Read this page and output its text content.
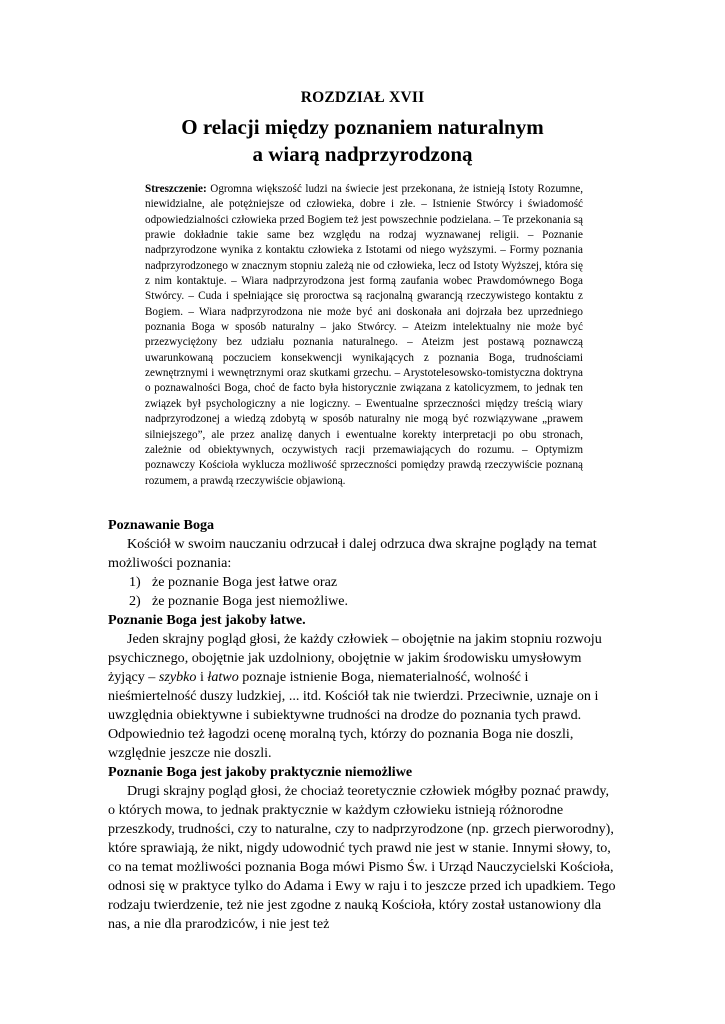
ROZDZIAŁ XVII
O relacji między poznaniem naturalnym
a wiarą nadprzyrodzoną
Streszczenie: Ogromna większość ludzi na świecie jest przekonana, że istnieją Istoty Rozumne, niewidzialne, ale potężniejsze od człowieka, dobre i złe. – Istnienie Stwórcy i świadomość odpowiedzialności człowieka przed Bogiem też jest powszechnie podzielana. – Te przekonania są prawie dokładnie takie same bez względu na rodzaj wyznawanej religii. – Poznanie nadprzyrodzone wynika z kontaktu człowieka z Istotami od niego wyższymi. – Formy poznania nadprzyrodzonego w znacznym stopniu zależą nie od człowieka, lecz od Istoty Wyższej, która się z nim kontaktuje. – Wiara nadprzyrodzona jest formą zaufania wobec Prawdomównego Boga Stwórcy. – Cuda i spełniające się proroctwa są racjonalną gwarancją rzeczywistego kontaktu z Bogiem. – Wiara nadprzyrodzona nie może być ani doskonała ani dojrzała bez uprzedniego poznania Boga w sposób naturalny – jako Stwórcy. – Ateizm intelektualny nie może być przezwyciężony bez udziału poznania naturalnego. – Ateizm jest postawą poznawczą uwarunkowaną poczuciem konsekwencji wynikających z poznania Boga, trudnościami zewnętrznymi i wewnętrznymi oraz skutkami grzechu. – Arystotelesowsko-tomistyczna doktryna o poznawalności Boga, choć de facto była historycznie związana z katolicyzmem, to jednak ten związek był psychologiczny a nie logiczny. – Ewentualne sprzeczności między treścią wiary nadprzyrodzonej a wiedzą zdobytą w sposób naturalny nie mogą być rozwiązywane „prawem silniejszego”, ale przez analizę danych i ewentualne korekty interpretacji po obu stronach, zależnie od obiektywnych, oczywistych racji przemawiających do rozumu. – Optymizm poznawczy Kościoła wyklucza możliwość sprzeczności pomiędzy prawdą rzeczywiście poznaną rozumem, a prawdą rzeczywiście objawioną.

Poznawanie Boga

Kościół w swoim nauczaniu odrzucał i dalej odrzuca dwa skrajne poglądy na temat możliwości poznania:

1) że poznanie Boga jest łatwe oraz
2) że poznanie Boga jest niemożliwe.

Poznanie Boga jest jakoby łatwe.

Jeden skrajny pogląd głosi, że każdy człowiek – obojętnie na jakim stopniu rozwoju psychicznego, obojętnie jak uzdolniony, obojętnie w jakim środowisku umysłowym żyjący – szybko i łatwo poznaje istnienie Boga, niematerialność, wolność i nieśmiertelność duszy ludzkiej, ... itd. Kościół tak nie twierdzi. Przeciwnie, uznaje on i uwzględnia obiektywne i subiektywne trudności na drodze do poznania tych prawd. Odpowiednio też łagodzi ocenę moralną tych, którzy do poznania Boga nie doszli, względnie jeszcze nie doszli.

Poznanie Boga jest jakoby praktycznie niemożliwe

Drugi skrajny pogląd głosi, że chociaż teoretycznie człowiek mógłby poznać prawdy, o których mowa, to jednak praktycznie w każdym człowieku istnieją różnorodne przeszkody, trudności, czy to naturalne, czy to nadprzyrodzone (np. grzech pierworodny), które sprawiają, że nikt, nigdy udowodnić tych prawd nie jest w stanie. Innymi słowy, to, co na temat możliwości poznania Boga mówi Pismo Św. i Urząd Nauczycielski Kościoła, odnosi się w praktyce tylko do Adama i Ewy w raju i to jeszcze przed ich upadkiem. Tego rodzaju twierdzenie, też nie jest zgodne z nauką Kościoła, który został ustanowiony dla nas, a nie dla prarodziców, i nie jest też
